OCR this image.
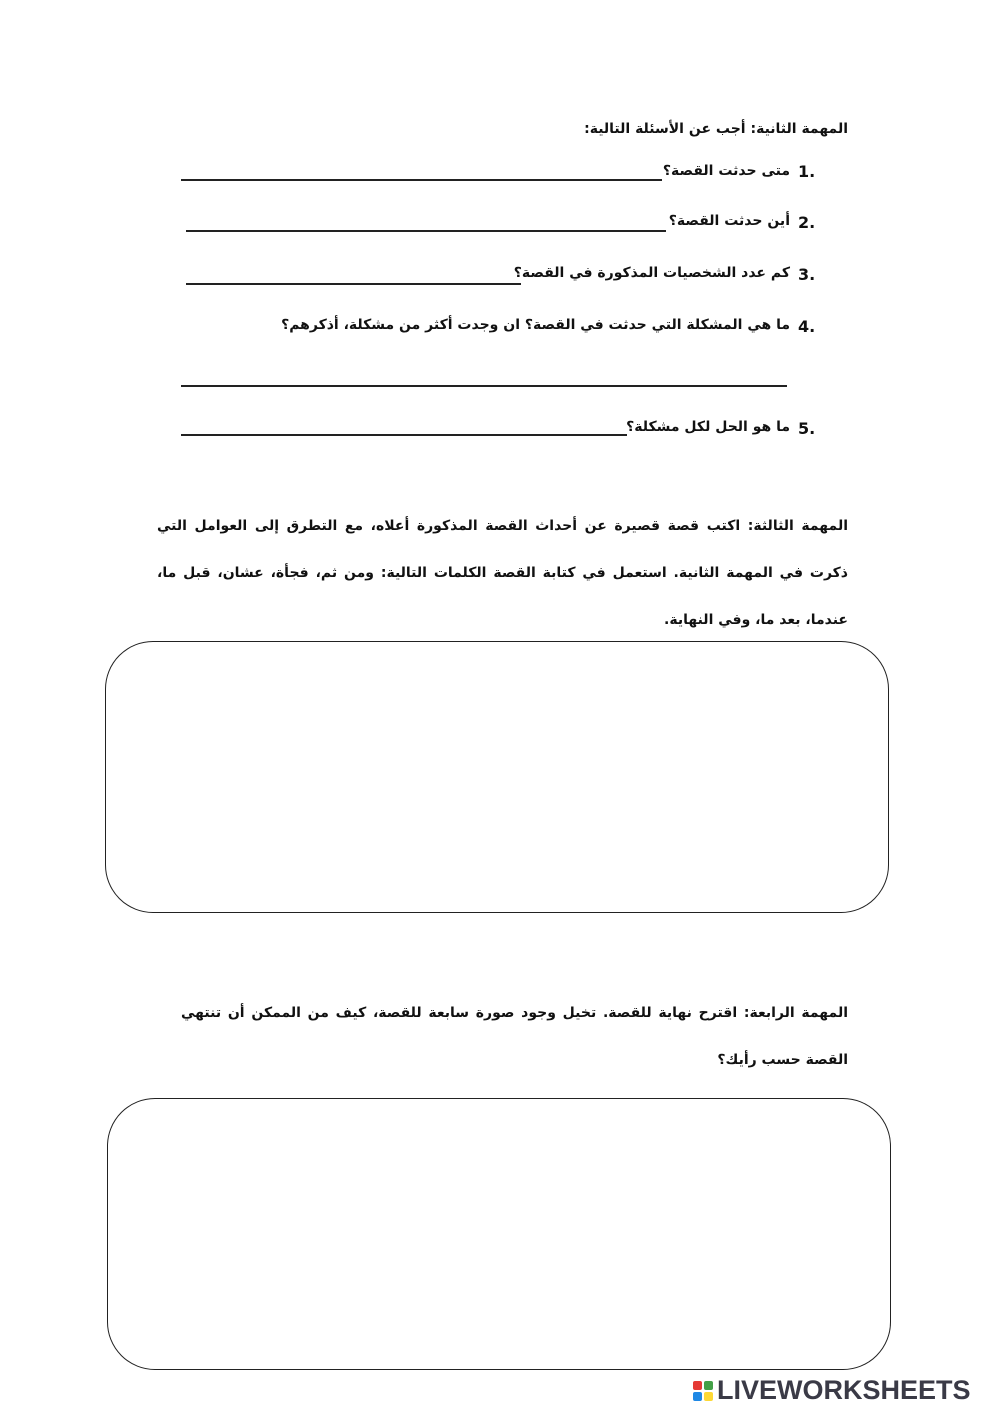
المهمة الثانية: أجب عن الأسئلة التالية:
1.
متى حدثت القصة؟
2.
أين حدثت القصة؟
3.
كم عدد الشخصيات المذكورة في القصة؟
4.
ما هي المشكلة التي حدثت في القصة؟ ان وجدت أكثر من مشكلة، أذكرهم؟
5.
ما هو الحل لكل مشكلة؟
المهمة الثالثة: اكتب قصة قصيرة عن أحداث القصة المذكورة أعلاه، مع التطرق إلى العوامل التي ذكرت في المهمة الثانية. استعمل في كتابة القصة الكلمات التالية: ومن ثم، فجأة، عشان، قبل ما، عندما، بعد ما، وفي النهاية.
المهمة الرابعة: اقترح نهاية للقصة. تخيل وجود صورة سابعة للقصة، كيف من الممكن أن تنتهي القصة حسب رأيك؟
LIVEWORKSHEETS
